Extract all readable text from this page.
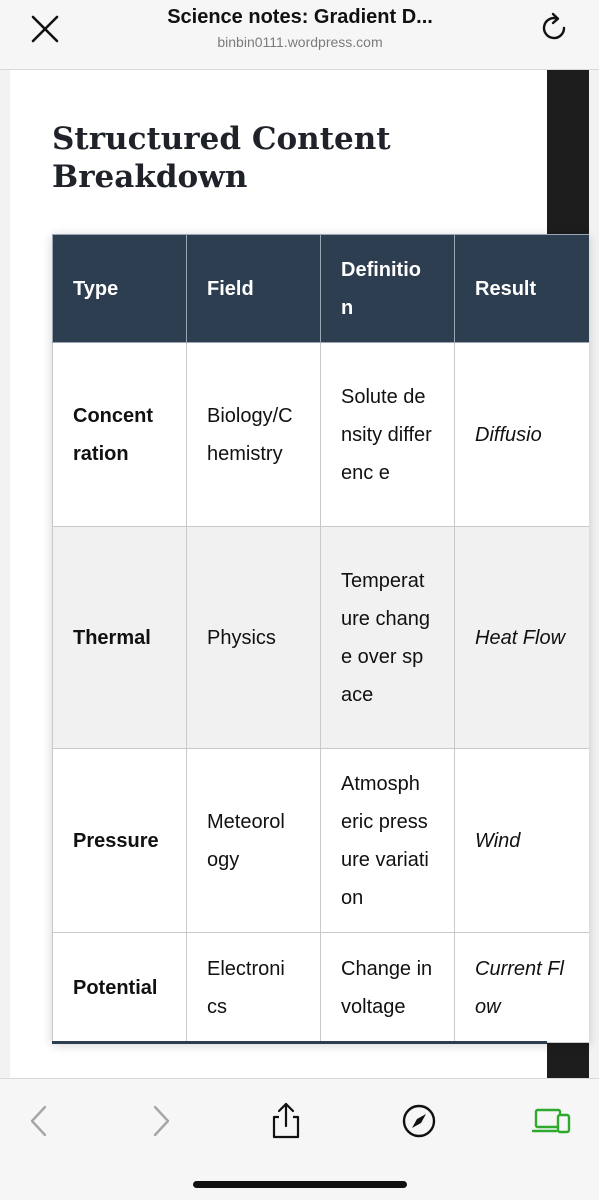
Science notes: Gradient D...
binbin0111.wordpress.com
Structured Content Breakdown
Type	Field	Definitio n	Result
Concent ration	Biology/C hemistry	Solute density differenc e	Diffusio
Thermal	Physics	Temperat ure change over space	Heat Flow
Pressure	Meteorol ogy	Atmosph eric pressure variation	Wind
Potential	Electroni cs	Change in voltage	Current Flow
